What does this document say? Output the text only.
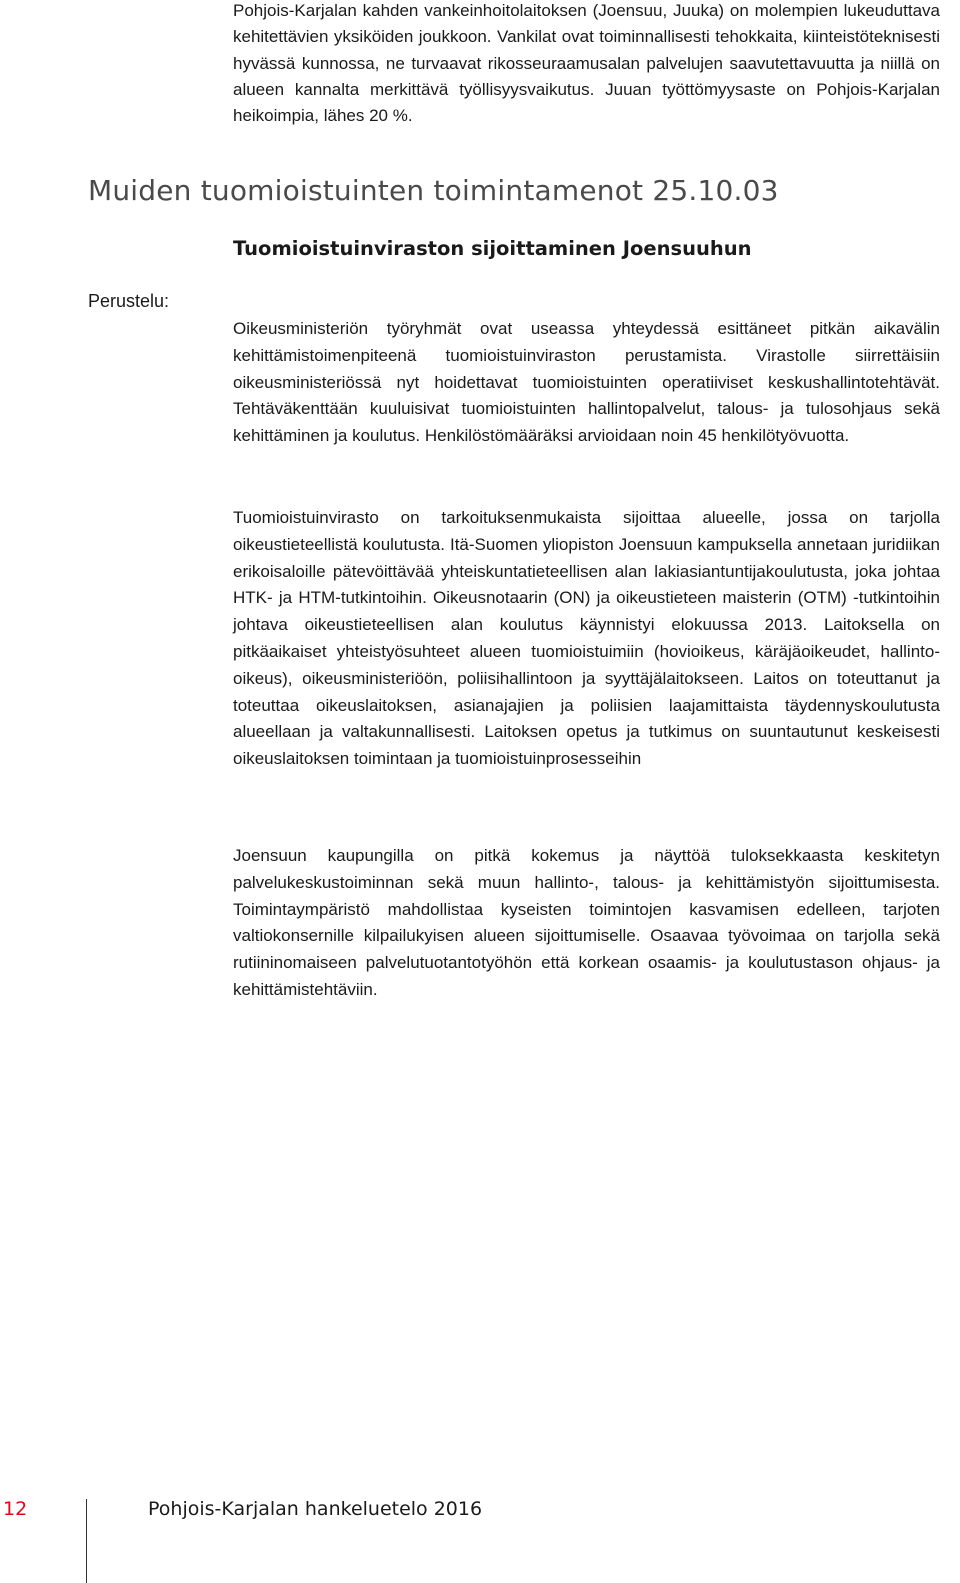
Pohjois-Karjalan kahden vankeinhoitolaitoksen (Joensuu, Juuka) on molempien lukeuduttava kehitettävien yksiköiden joukkoon. Vankilat ovat toiminnallisesti tehokkaita, kiinteistöteknisesti hyvässä kunnossa, ne turvaavat rikosseuraamusalan palvelujen saavutettavuutta ja niillä on alueen kannalta merkittävä työllisyysvaikutus. Juuan työttömyysaste on Pohjois-Karjalan heikoimpia, lähes 20 %.

Muiden tuomioistuinten toimintamenot 25.10.03
Tuomioistuinviraston sijoittaminen Joensuuhun
Perustelu:

Oikeusministeriön työryhmät ovat useassa yhteydessä esittäneet pitkän aikavälin kehittämistoimenpiteenä tuomioistuinviraston perustamista. Virastolle siirrettäisiin oikeusministeriössä nyt hoidettavat tuomioistuinten operatiiviset keskushallintotehtävät. Tehtäväkenttään kuuluisivat tuomioistuinten hallintopalvelut, talous- ja tulosohjaus sekä kehittäminen ja koulutus. Henkilöstömääräksi arvioidaan noin 45 henkilötyövuotta.

Tuomioistuinvirasto on tarkoituksenmukaista sijoittaa alueelle, jossa on tarjolla oikeustieteellistä koulutusta. Itä-Suomen yliopiston Joensuun kampuksella annetaan juridiikan erikoisaloille pätevöittävää yhteiskuntatieteellisen alan lakiasiantuntijakoulutusta, joka johtaa HTK- ja HTM-tutkintoihin. Oikeusnotaarin (ON) ja oikeustieteen maisterin (OTM) -tutkintoihin johtava oikeustieteellisen alan koulutus käynnistyi elokuussa 2013. Laitoksella on pitkäaikaiset yhteistyösuhteet alueen tuomioistuimiin (hovioikeus, käräjäoikeudet, hallinto-oikeus), oikeusministeriöön, poliisihallintoon ja syyttäjälaitokseen. Laitos on toteuttanut ja toteuttaa oikeuslaitoksen, asianajajien ja poliisien laajamittaista täydennyskoulutusta alueellaan ja valtakunnallisesti. Laitoksen opetus ja tutkimus on suuntautunut keskeisesti oikeuslaitoksen toimintaan ja tuomioistuinprosesseihin

Joensuun kaupungilla on pitkä kokemus ja näyttöä tuloksekkaasta keskitetyn palvelukeskustoiminnan sekä muun hallinto-, talous- ja kehittämistyön sijoittumisesta. Toimintaympäristö mahdollistaa kyseisten toimintojen kasvamisen edelleen, tarjoten valtiokonsernille kilpailukyisen alueen sijoittumiselle. Osaavaa työvoimaa on tarjolla sekä rutiininomaiseen palvelutuotantotyöhön että korkean osaamis- ja koulutustason ohjaus- ja kehittämistehtäviin.

12	Pohjois-Karjalan hankeluetelo 2016
